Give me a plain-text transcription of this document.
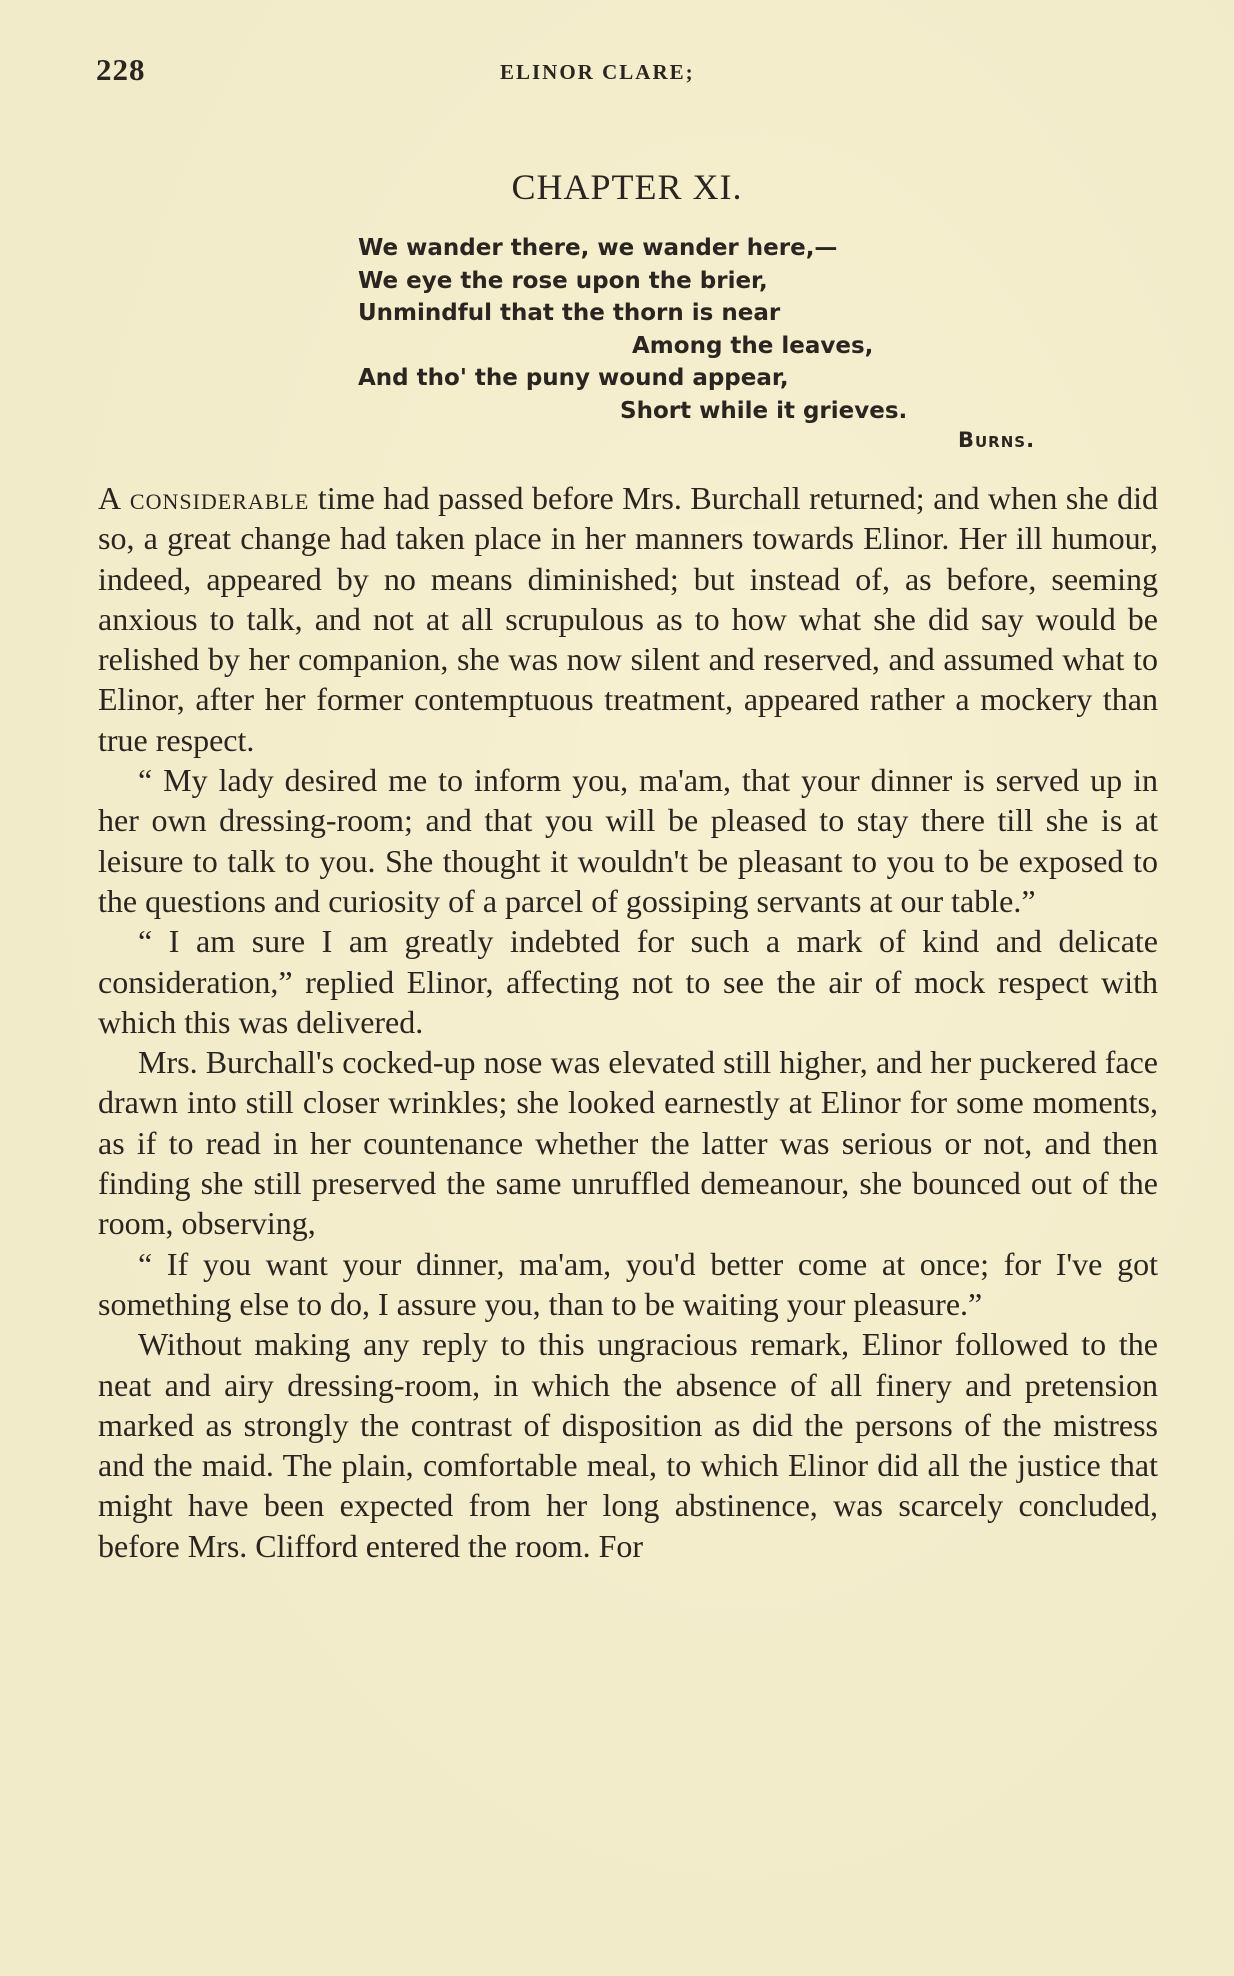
228	ELINOR CLARE;
CHAPTER XI.
We wander there, we wander here,—
We eye the rose upon the brier,
Unmindful that the thorn is near
Among the leaves,
And tho' the puny wound appear,
Short while it grieves.
Burns.

A considerable time had passed before Mrs. Burchall returned; and when she did so, a great change had taken place in her manners towards Elinor. Her ill humour, indeed, appeared by no means diminished; but instead of, as before, seeming anxious to talk, and not at all scrupulous as to how what she did say would be relished by her companion, she was now silent and reserved, and assumed what to Elinor, after her former contemptuous treatment, appeared rather a mockery than true respect.

“ My lady desired me to inform you, ma'am, that your dinner is served up in her own dressing-room; and that you will be pleased to stay there till she is at leisure to talk to you. She thought it wouldn't be pleasant to you to be exposed to the questions and curiosity of a parcel of gossiping servants at our table.”

“ I am sure I am greatly indebted for such a mark of kind and delicate consideration,” replied Elinor, affecting not to see the air of mock respect with which this was delivered.

Mrs. Burchall's cocked-up nose was elevated still higher, and her puckered face drawn into still closer wrinkles; she looked earnestly at Elinor for some moments, as if to read in her countenance whether the latter was serious or not, and then finding she still preserved the same unruffled demeanour, she bounced out of the room, observing,

“ If you want your dinner, ma'am, you'd better come at once; for I've got something else to do, I assure you, than to be waiting your pleasure.”

Without making any reply to this ungracious remark, Elinor followed to the neat and airy dressing-room, in which the absence of all finery and pretension marked as strongly the contrast of disposition as did the persons of the mistress and the maid. The plain, comfortable meal, to which Elinor did all the justice that might have been expected from her long abstinence, was scarcely concluded, before Mrs. Clifford entered the room. For
